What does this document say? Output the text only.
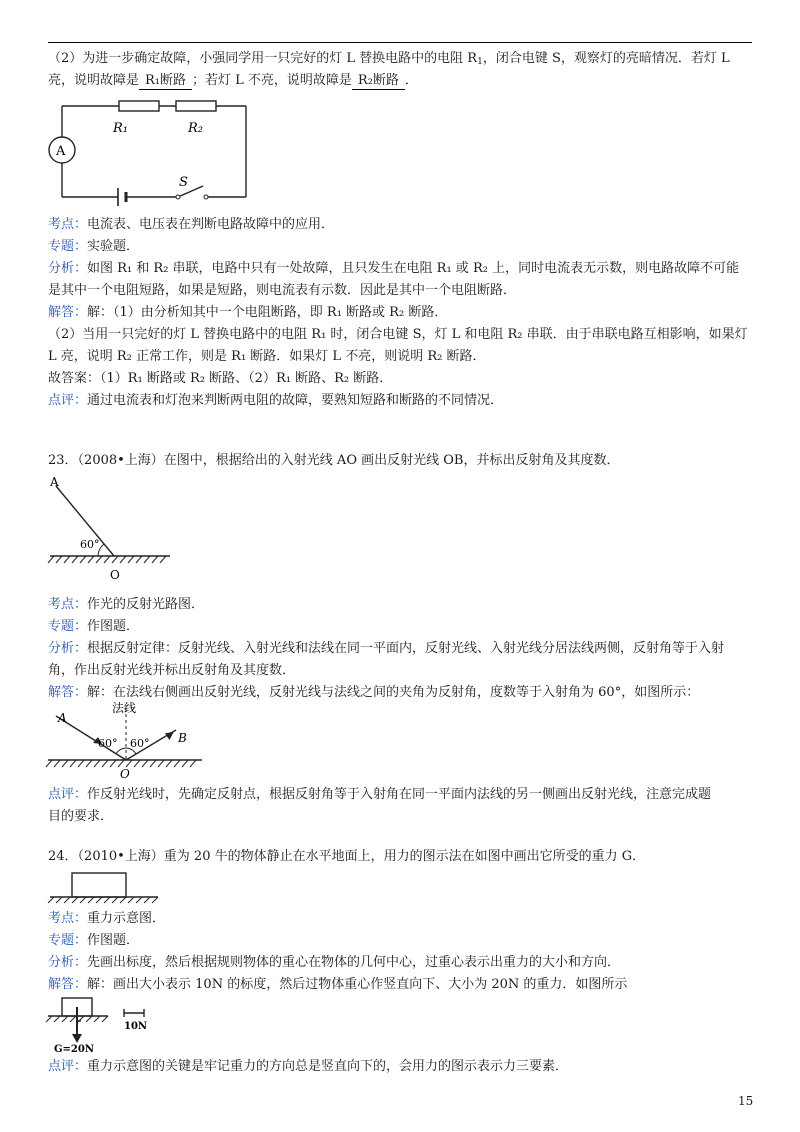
（2）为进一步确定故障，小强同学用一只完好的灯 L 替换电路中的电阻 $R_1$，闭合电键 S，观察灯的亮暗情况．若灯 L
亮，说明故障是 R₁断路 ；若灯 L 不亮，说明故障是 R₂断路 ．
A
R₁	R₂
S
考点：电流表、电压表在判断电路故障中的应用．
专题：实验题．
分析：如图 R₁ 和 R₂ 串联，电路中只有一处故障，且只发生在电阻 R₁ 或 R₂ 上，同时电流表无示数，则电路故障不可能
是其中一个电阻短路，如果是短路，则电流表有示数．因此是其中一个电阻断路．
解答：解：（1）由分析知其中一个电阻断路，即 R₁ 断路或 R₂ 断路．
（2）当用一只完好的灯 L 替换电路中的电阻 R₁ 时，闭合电键 S，灯 L 和电阻 R₂ 串联．由于串联电路互相影响，如果灯
L 亮，说明 R₂ 正常工作，则是 R₁ 断路．如果灯 L 不亮，则说明 R₂ 断路．
故答案：（1）R₁ 断路或 R₂ 断路、（2）R₁ 断路、R₂ 断路．
点评：通过电流表和灯泡来判断两电阻的故障，要熟知短路和断路的不同情况．
23．（2008•上海）在图中，根据给出的入射光线 AO 画出反射光线 OB，并标出反射角及其度数．
A
60°
O
考点：作光的反射光路图．
专题：作图题．
分析：根据反射定律：反射光线、入射光线和法线在同一平面内，反射光线、入射光线分居法线两侧，反射角等于入射
角，作出反射光线并标出反射角及其度数．
解答：解：在法线右侧画出反射光线，反射光线与法线之间的夹角为反射角，度数等于入射角为 60°，如图所示：
A
法线
60° 60° B
O
点评：作反射光线时，先确定反射点，根据反射角等于入射角在同一平面内法线的另一侧画出反射光线，注意完成题
目的要求．
24．（2010•上海）重为 20 牛的物体静止在水平地面上，用力的图示法在如图中画出它所受的重力 G．
考点：重力示意图．
专题：作图题．
分析：先画出标度，然后根据规则物体的重心在物体的几何中心，过重心表示出重力的大小和方向．
解答：解：画出大小表示 10N 的标度，然后过物体重心作竖直向下、大小为 20N 的重力．如图所示
10N
G=20N
点评：重力示意图的关键是牢记重力的方向总是竖直向下的，会用力的图示表示力三要素．
15
